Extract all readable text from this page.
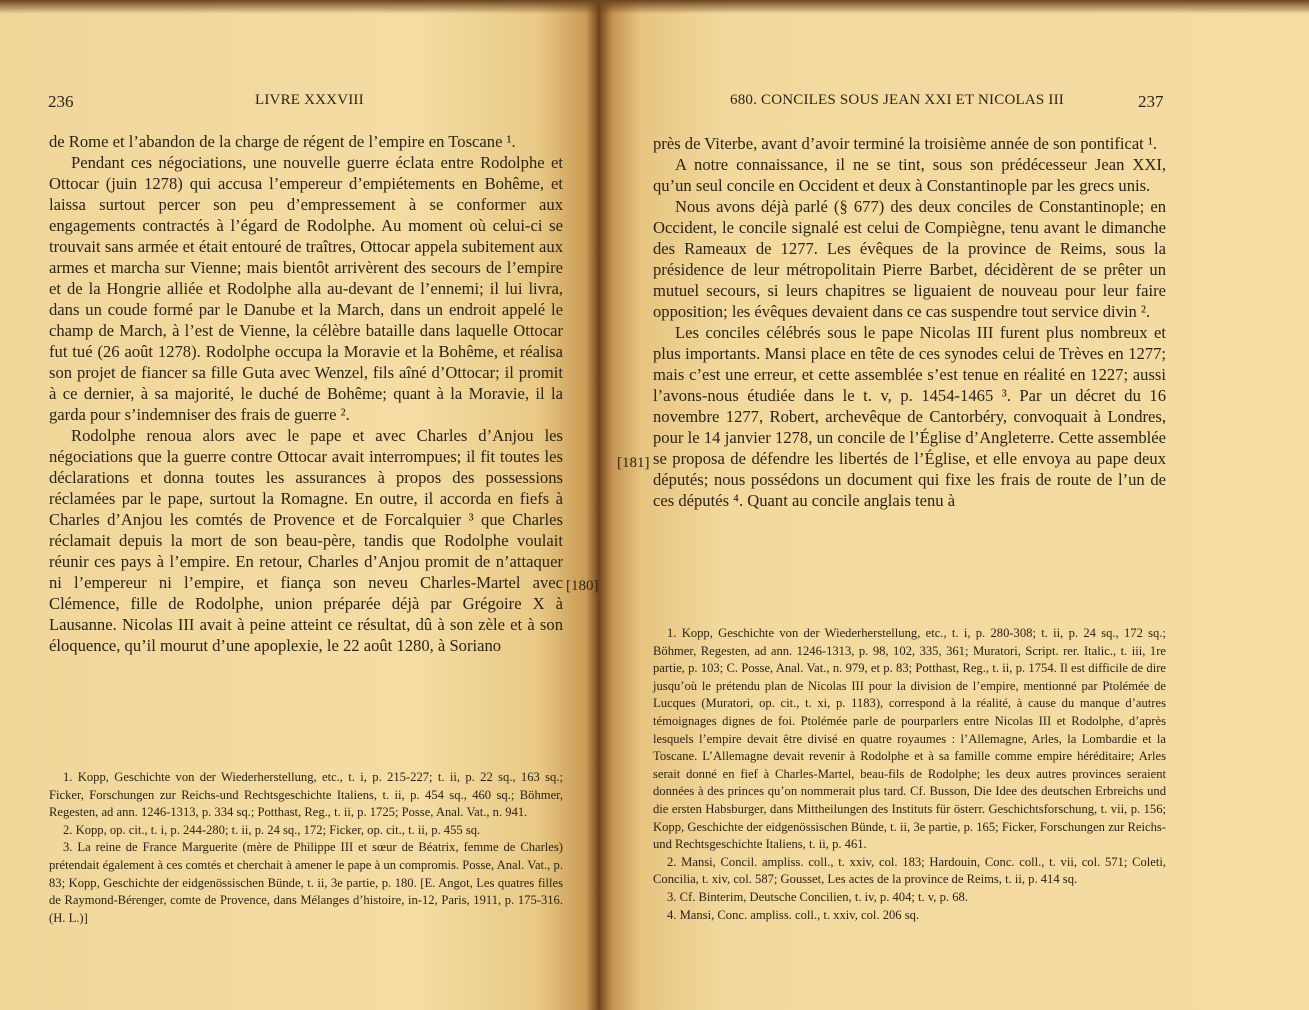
236	LIVRE XXXVIII

de Rome et l’abandon de la charge de régent de l’empire en Toscane ¹.

Pendant ces négociations, une nouvelle guerre éclata entre Rodolphe et Ottocar (juin 1278) qui accusa l’empereur d’empiétements en Bohême, et laissa surtout percer son peu d’empressement à se conformer aux engagements contractés à l’égard de Rodolphe. Au moment où celui-ci se trouvait sans armée et était entouré de traîtres, Ottocar appela subitement aux armes et marcha sur Vienne; mais bientôt arrivèrent des secours de l’empire et de la Hongrie alliée et Rodolphe alla au-devant de l’ennemi; il lui livra, dans un coude formé par le Danube et la March, dans un endroit appelé le champ de March, à l’est de Vienne, la célèbre bataille dans laquelle Ottocar fut tué (26 août 1278). Rodolphe occupa la Moravie et la Bohême, et réalisa son projet de fiancer sa fille Guta avec Wenzel, fils aîné d’Ottocar; il promit à ce dernier, à sa majorité, le duché de Bohême; quant à la Moravie, il la garda pour s’indemniser des frais de guerre ².

Rodolphe renoua alors avec le pape et avec Charles d’Anjou les négociations que la guerre contre Ottocar avait interrompues; il fit toutes les déclarations et donna toutes les assurances à propos des possessions réclamées par le pape, surtout la Romagne. En outre, il accorda en fiefs à Charles d’Anjou les comtés de Provence et de Forcalquier ³ que Charles réclamait depuis la mort de son beau-père, tandis que Rodolphe voulait réunir ces pays à l’empire. En retour, Charles d’Anjou promit de n’attaquer ni l’empereur ni l’empire, et fiança son neveu Charles-Martel avec Clémence, fille de Rodolphe, union préparée déjà par Grégoire X à Lausanne. Nicolas III avait à peine atteint ce résultat, dû à son zèle et à son éloquence, qu’il mourut d’une apoplexie, le 22 août 1280, à Soriano

1. Kopp, Geschichte von der Wiederherstellung, etc., t. i, p. 215-227; t. ii, p. 22 sq., 163 sq.; Ficker, Forschungen zur Reichs-und Rechtsgeschichte Italiens, t. ii, p. 454 sq., 460 sq.; Böhmer, Regesten, ad ann. 1246-1313, p. 334 sq.; Potthast, Reg., t. ii, p. 1725; Posse, Anal. Vat., n. 941.

2. Kopp, op. cit., t. i, p. 244-280; t. ii, p. 24 sq., 172; Ficker, op. cit., t. ii, p. 455 sq.

3. La reine de France Marguerite (mère de Philippe III et sœur de Béatrix, femme de Charles) prétendait également à ces comtés et cherchait à amener le pape à un compromis. Posse, Anal. Vat., p. 83; Kopp, Geschichte der eidgenössischen Bünde, t. ii, 3e partie, p. 180. [E. Angot, Les quatres filles de Raymond-Bérenger, comte de Provence, dans Mélanges d’histoire, in-12, Paris, 1911, p. 175-316. (H. L.)]

[180]
680. CONCILES SOUS JEAN XXI ET NICOLAS III	237

près de Viterbe, avant d’avoir terminé la troisième année de son pontificat ¹.

A notre connaissance, il ne se tint, sous son prédécesseur Jean XXI, qu’un seul concile en Occident et deux à Constantinople par les grecs unis.

Nous avons déjà parlé (§ 677) des deux conciles de Constantinople; en Occident, le concile signalé est celui de Compiègne, tenu avant le dimanche des Rameaux de 1277. Les évêques de la province de Reims, sous la présidence de leur métropolitain Pierre Barbet, décidèrent de se prêter un mutuel secours, si leurs chapitres se liguaient de nouveau pour leur faire opposition; les évêques devaient dans ce cas suspendre tout service divin ².

Les conciles célébrés sous le pape Nicolas III furent plus nombreux et plus importants. Mansi place en tête de ces synodes celui de Trèves en 1277; mais c’est une erreur, et cette assemblée s’est tenue en réalité en 1227; aussi l’avons-nous étudiée dans le t. v, p. 1454-1465 ³. Par un décret du 16 novembre 1277, Robert, archevêque de Cantorbéry, convoquait à Londres, pour le 14 janvier 1278, un concile de l’Église d’Angleterre. Cette assemblée se proposa de défendre les libertés de l’Église, et elle envoya au pape deux députés; nous possédons un document qui fixe les frais de route de l’un de ces députés ⁴. Quant au concile anglais tenu à

[181]

1. Kopp, Geschichte von der Wiederherstellung, etc., t. i, p. 280-308; t. ii, p. 24 sq., 172 sq.; Böhmer, Regesten, ad ann. 1246-1313, p. 98, 102, 335, 361; Muratori, Script. rer. Italic., t. iii, 1re partie, p. 103; C. Posse, Anal. Vat., n. 979, et p. 83; Potthast, Reg., t. ii, p. 1754. Il est difficile de dire jusqu’où le prétendu plan de Nicolas III pour la division de l’empire, mentionné par Ptolémée de Lucques (Muratori, op. cit., t. xi, p. 1183), correspond à la réalité, à cause du manque d’autres témoignages dignes de foi. Ptolémée parle de pourparlers entre Nicolas III et Rodolphe, d’après lesquels l’empire devait être divisé en quatre royaumes : l’Allemagne, Arles, la Lombardie et la Toscane. L’Allemagne devait revenir à Rodolphe et à sa famille comme empire héréditaire; Arles serait donné en fief à Charles-Martel, beau-fils de Rodolphe; les deux autres provinces seraient données à des princes qu’on nommerait plus tard. Cf. Busson, Die Idee des deutschen Erbreichs und die ersten Habsburger, dans Mittheilungen des Instituts für österr. Geschichtsforschung, t. vii, p. 156; Kopp, Geschichte der eidgenössischen Bünde, t. ii, 3e partie, p. 165; Ficker, Forschungen zur Reichs-und Rechtsgeschichte Italiens, t. ii, p. 461.

2. Mansi, Concil. ampliss. coll., t. xxiv, col. 183; Hardouin, Conc. coll., t. vii, col. 571; Coleti, Concilia, t. xiv, col. 587; Gousset, Les actes de la province de Reims, t. ii, p. 414 sq.

3. Cf. Binterim, Deutsche Concilien, t. iv, p. 404; t. v, p. 68.

4. Mansi, Conc. ampliss. coll., t. xxiv, col. 206 sq.
